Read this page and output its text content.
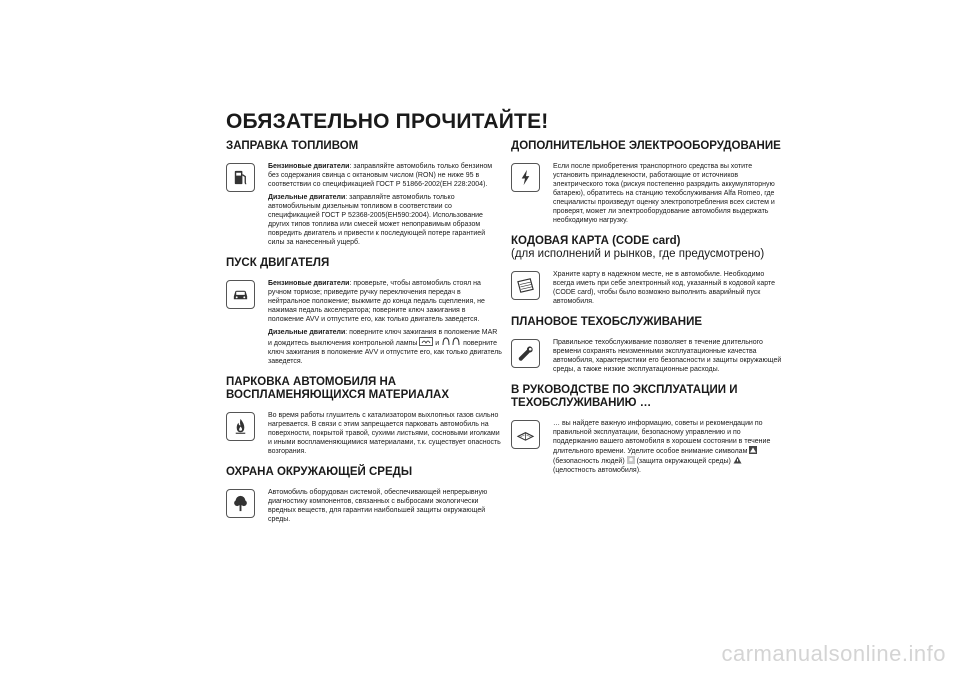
ОБЯЗАТЕЛЬНО ПРОЧИТАЙТЕ!
ЗАПРАВКА ТОПЛИВОМ

Бензиновые двигатели: заправляйте автомобиль только бензином без содержания свинца с октановым числом (RON) не ниже 95 в соответствии со спецификацией ГОСТ Р 51866-2002(EH 228:2004).

Дизельные двигатели: заправляйте автомобиль только автомобильным дизельным топливом в соответствии со спецификацией ГОСТ Р 52368-2005(EH590:2004). Использование других типов топлива или смесей может непоправимым образом повредить двигатель и привести к последующей потере гарантией силы за нанесенный ущерб.

ПУСК ДВИГАТЕЛЯ

Бензиновые двигатели: проверьте, чтобы автомобиль стоял на ручном тормозе; приведите ручку переключения передач в нейтральное положение; выжмите до конца педаль сцепления, не нажимая педаль акселератора; поверните ключ зажигания в положение AVV и отпустите его, как только двигатель заведется.

Дизельные двигатели: поверните ключ зажигания в положение MAR и дождитесь выключения контрольной лампы	и	поверните ключ зажигания в положение AVV и отпустите его, как только двигатель заведется.

ПАРКОВКА АВТОМОБИЛЯ НА ВОСПЛАМЕНЯЮЩИХСЯ МАТЕРИАЛАХ

Во время работы глушитель с катализатором выхлопных газов сильно нагревается. В связи с этим запрещается парковать автомобиль на поверхности, покрытой травой, сухими листьями, сосновыми иголками и иными воспламеняющимися материалами, т.к. существует опасность возгорания.

ОХРАНА ОКРУЖАЮЩЕЙ СРЕДЫ

Автомобиль оборудован системой, обеспечивающей непрерывную диагностику компонентов, связанных с выбросами экологически вредных веществ, для гарантии наибольшей защиты окружающей среды.

ДОПОЛНИТЕЛЬНОЕ ЭЛЕКТРООБОРУДОВАНИЕ

Если после приобретения транспортного средства вы хотите установить принадлежности, работающие от источников электрического тока (рискуя постепенно разрядить аккумуляторную батарею), обратитесь на станцию техобслуживания Alfa Romeo, где специалисты произведут оценку электропотребления всех систем и проверят, может ли электрооборудование автомобиля выдержать необходимую нагрузку.

КОДОВАЯ КАРТА (CODE card)
(для исполнений и рынков, где предусмотрено)

Храните карту в надежном месте, не в автомобиле. Необходимо всегда иметь при себе электронный код, указанный в кодовой карте (CODE card), чтобы было возможно выполнить аварийный пуск автомобиля.

ПЛАНОВОЕ ТЕХОБСЛУЖИВАНИЕ

Правильное техобслуживание позволяет в течение длительного времени сохранять неизменными эксплуатационные качества автомобиля, характеристики его безопасности и защиты окружающей среды, а также низкие эксплуатационные расходы.

В РУКОВОДСТВЕ ПО ЭКСПЛУАТАЦИИ И ТЕХОБСЛУЖИВАНИЮ …

… вы найдете важную информацию, советы и рекомендации по правильной эксплуатации, безопасному управлению и по поддержанию вашего автомобиля в хорошем состоянии в течение длительного времени. Уделите особое внимание символам  (безопасность людей) (защита окружающей среды)  (целостность автомобиля).

carmanualsonline.info
